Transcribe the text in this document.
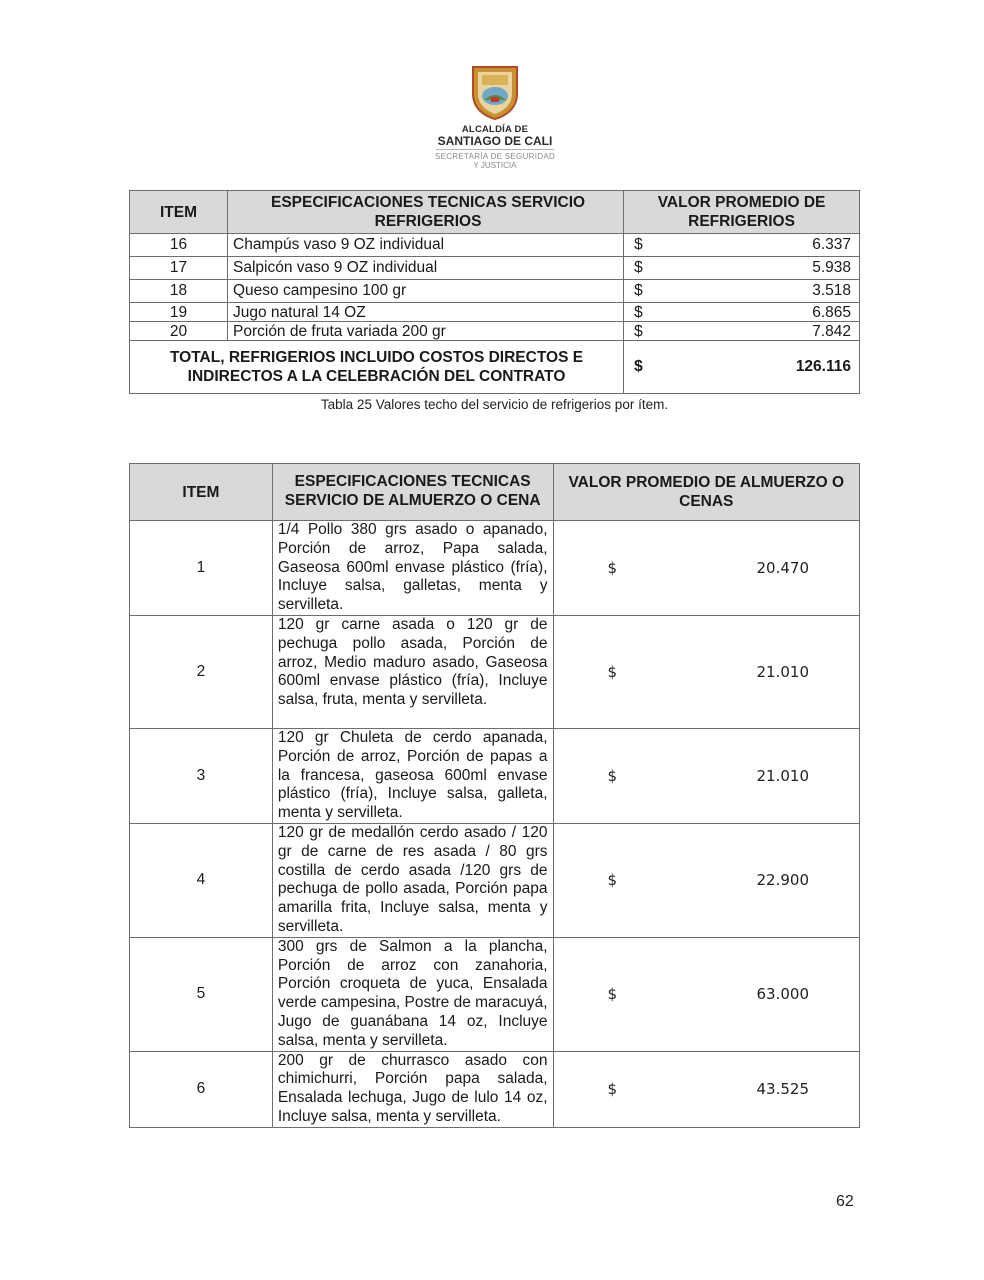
ALCALDÍA DE
SANTIAGO DE CALI
SECRETARÍA DE SEGURIDAD
Y JUSTICIA
ITEM	ESPECIFICACIONES TECNICAS SERVICIO REFRIGERIOS	VALOR PROMEDIO DE REFRIGERIOS
16	Champús vaso 9 OZ individual	$ 6.337

17	Salpicón vaso 9 OZ individual	$ 5.938

18	Queso campesino 100 gr	$ 3.518

19	Jugo natural 14 OZ	$ 6.865

20	Porción de fruta variada 200 gr	$ 7.842

TOTAL, REFRIGERIOS INCLUIDO COSTOS DIRECTOS E INDIRECTOS A LA CELEBRACIÓN DEL CONTRATO		$ 126.116
Tabla 25 Valores techo del servicio de refrigerios por ítem.
ITEM	ESPECIFICACIONES TECNICAS SERVICIO DE ALMUERZO O CENA	VALOR PROMEDIO DE ALMUERZO O CENAS
1	1/4 Pollo 380 grs asado o apanado, Porción de arroz, Papa salada, Gaseosa 600ml envase plástico (fría), Incluye salsa, galletas, menta y servilleta.	$ 20.470

2	120 gr carne asada o 120 gr de pechuga pollo asada, Porción de arroz, Medio maduro asado, Gaseosa 600ml envase plástico (fría), Incluye salsa, fruta, menta y servilleta.	$ 21.010

3	120 gr Chuleta de cerdo apanada, Porción de arroz, Porción de papas a la francesa, gaseosa 600ml envase plástico (fría), Incluye salsa, galleta, menta y servilleta.	$ 21.010

4	120 gr de medallón cerdo asado / 120 gr de carne de res asada / 80 grs costilla de cerdo asada /120 grs de pechuga de pollo asada, Porción papa amarilla frita, Incluye salsa, menta y servilleta.	$ 22.900

5	300 grs de Salmon a la plancha, Porción de arroz con zanahoria, Porción croqueta de yuca, Ensalada verde campesina, Postre de maracuyá, Jugo de guanábana 14 oz, Incluye salsa, menta y servilleta.	$ 63.000

6	200 gr de churrasco asado con chimichurri, Porción papa salada, Ensalada lechuga, Jugo de lulo 14 oz, Incluye salsa, menta y servilleta.	$ 43.525
62
